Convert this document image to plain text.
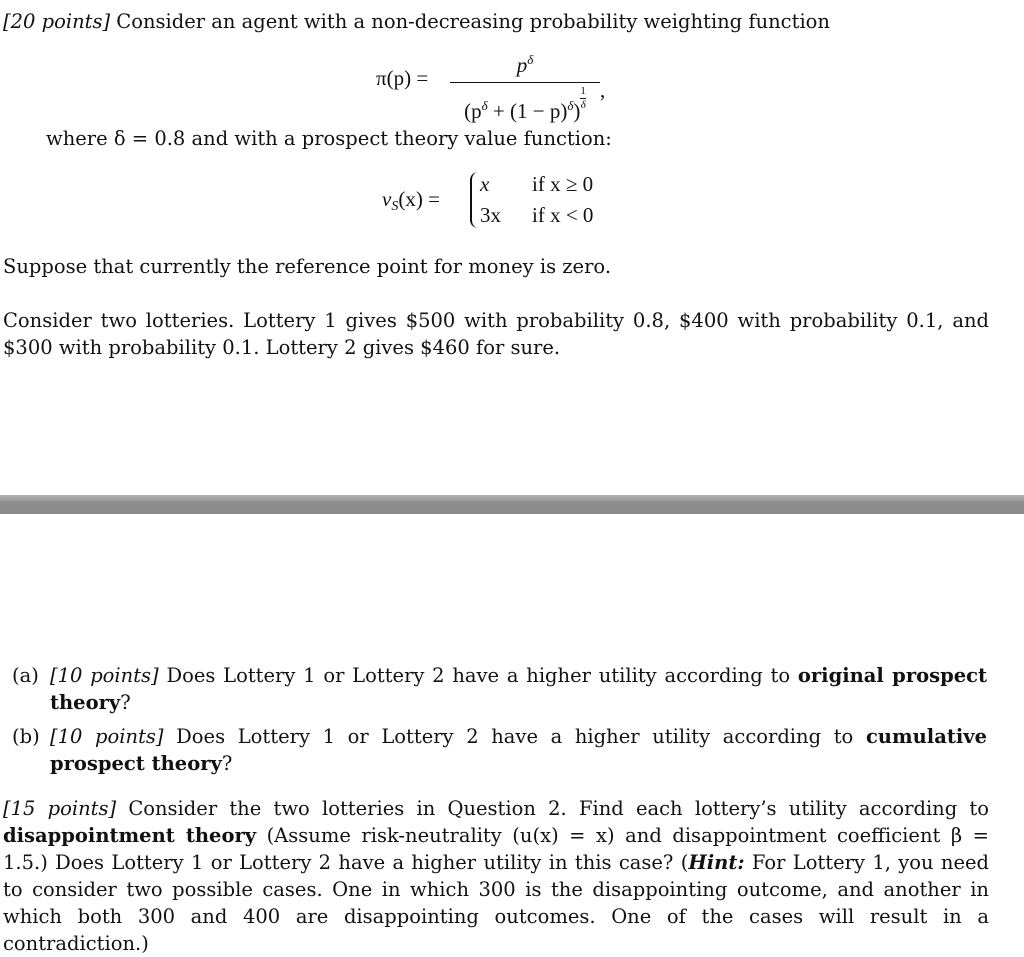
[20 points] Consider an agent with a non-decreasing probability weighting function
π(p) =
$p^\delta$
$(p^\delta + (1 - p)^\delta) \frac{1}{\delta}$ ,
where δ = 0.8 and with a prospect theory value function:
vS(x) =
x if x ≥ 0
3x if x < 0
Suppose that currently the reference point for money is zero.
Consider two lotteries. Lottery 1 gives $500 with probability 0.8, $400 with probability 0.1, and $300 with probability 0.1. Lottery 2 gives $460 for sure.
(a) [10 points] Does Lottery 1 or Lottery 2 have a higher utility according to original prospect theory?
(b) [10 points] Does Lottery 1 or Lottery 2 have a higher utility according to cumulative prospect theory?
[15 points] Consider the two lotteries in Question 2. Find each lottery’s utility according to disappointment theory (Assume risk-neutrality (u(x) = x) and disappointment coefficient β = 1.5.) Does Lottery 1 or Lottery 2 have a higher utility in this case? (Hint: For Lottery 1, you need to consider two possible cases. One in which 300 is the disappointing outcome, and another in which both 300 and 400 are disappointing outcomes. One of the cases will result in a contradiction.)
